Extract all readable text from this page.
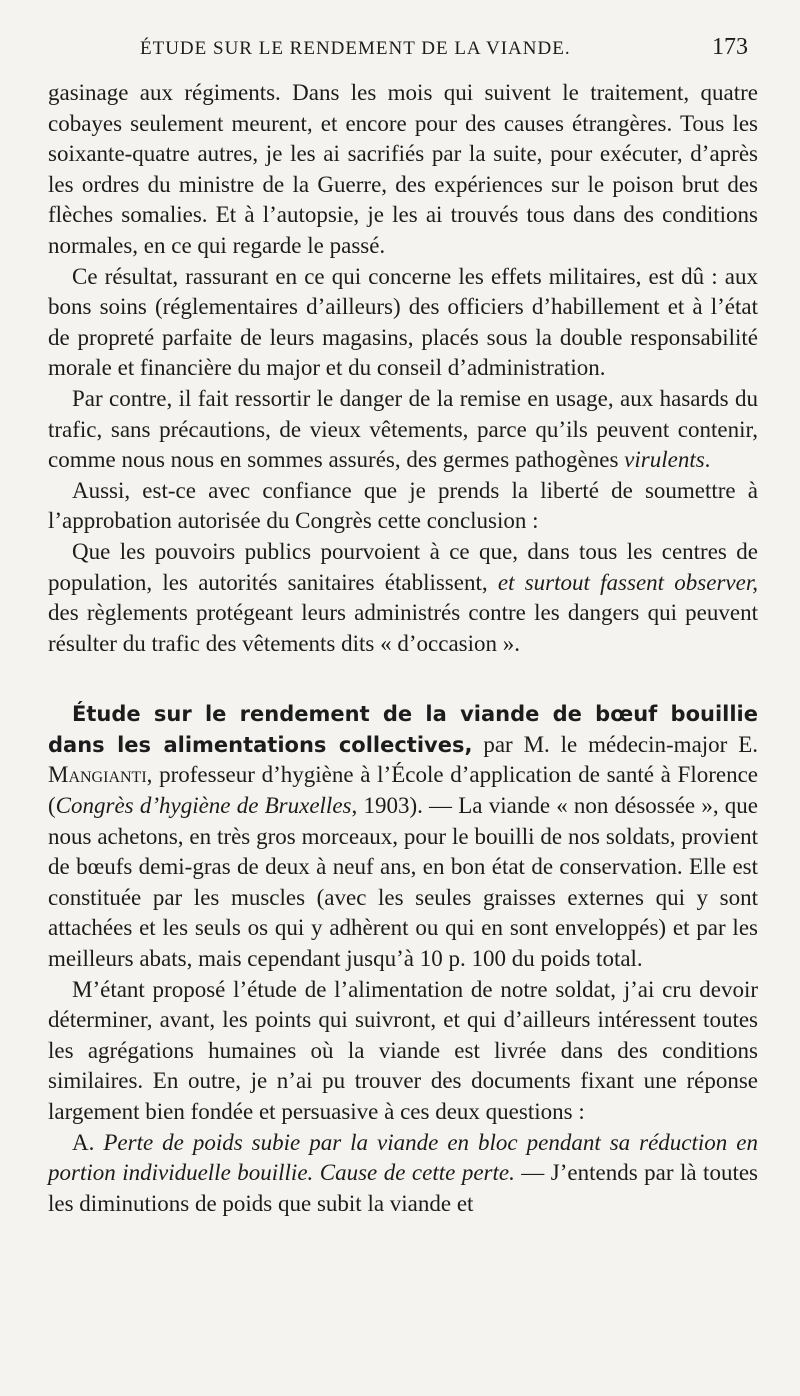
ÉTUDE SUR LE RENDEMENT DE LA VIANDE.	173

gasinage aux régiments. Dans les mois qui suivent le traitement, quatre cobayes seulement meurent, et encore pour des causes étrangères. Tous les soixante-quatre autres, je les ai sacrifiés par la suite, pour exécuter, d’après les ordres du ministre de la Guerre, des expériences sur le poison brut des flèches somalies. Et à l’autopsie, je les ai trouvés tous dans des conditions normales, en ce qui regarde le passé.

Ce résultat, rassurant en ce qui concerne les effets militaires, est dû : aux bons soins (réglementaires d’ailleurs) des officiers d’habillement et à l’état de propreté parfaite de leurs magasins, placés sous la double responsabilité morale et financière du major et du conseil d’administration.

Par contre, il fait ressortir le danger de la remise en usage, aux hasards du trafic, sans précautions, de vieux vêtements, parce qu’ils peuvent contenir, comme nous nous en sommes assurés, des germes pathogènes virulents.

Aussi, est-ce avec confiance que je prends la liberté de soumettre à l’approbation autorisée du Congrès cette conclusion :

Que les pouvoirs publics pourvoient à ce que, dans tous les centres de population, les autorités sanitaires établissent, et surtout fassent observer, des règlements protégeant leurs administrés contre les dangers qui peuvent résulter du trafic des vêtements dits « d’occasion ».

Étude sur le rendement de la viande de bœuf bouillie dans les alimentations collectives, par M. le médecin-major E. Mangianti, professeur d’hygiène à l’École d’application de santé à Florence (Congrès d’hygiène de Bruxelles, 1903). — La viande « non désossée », que nous achetons, en très gros morceaux, pour le bouilli de nos soldats, provient de bœufs demi-gras de deux à neuf ans, en bon état de conservation. Elle est constituée par les muscles (avec les seules graisses externes qui y sont attachées et les seuls os qui y adhèrent ou qui en sont enveloppés) et par les meilleurs abats, mais cependant jusqu’à 10 p. 100 du poids total.

M’étant proposé l’étude de l’alimentation de notre soldat, j’ai cru devoir déterminer, avant, les points qui suivront, et qui d’ailleurs intéressent toutes les agrégations humaines où la viande est livrée dans des conditions similaires. En outre, je n’ai pu trouver des documents fixant une réponse largement bien fondée et persuasive à ces deux questions :

A. Perte de poids subie par la viande en bloc pendant sa réduction en portion individuelle bouillie. Cause de cette perte. — J’entends par là toutes les diminutions de poids que subit la viande et
